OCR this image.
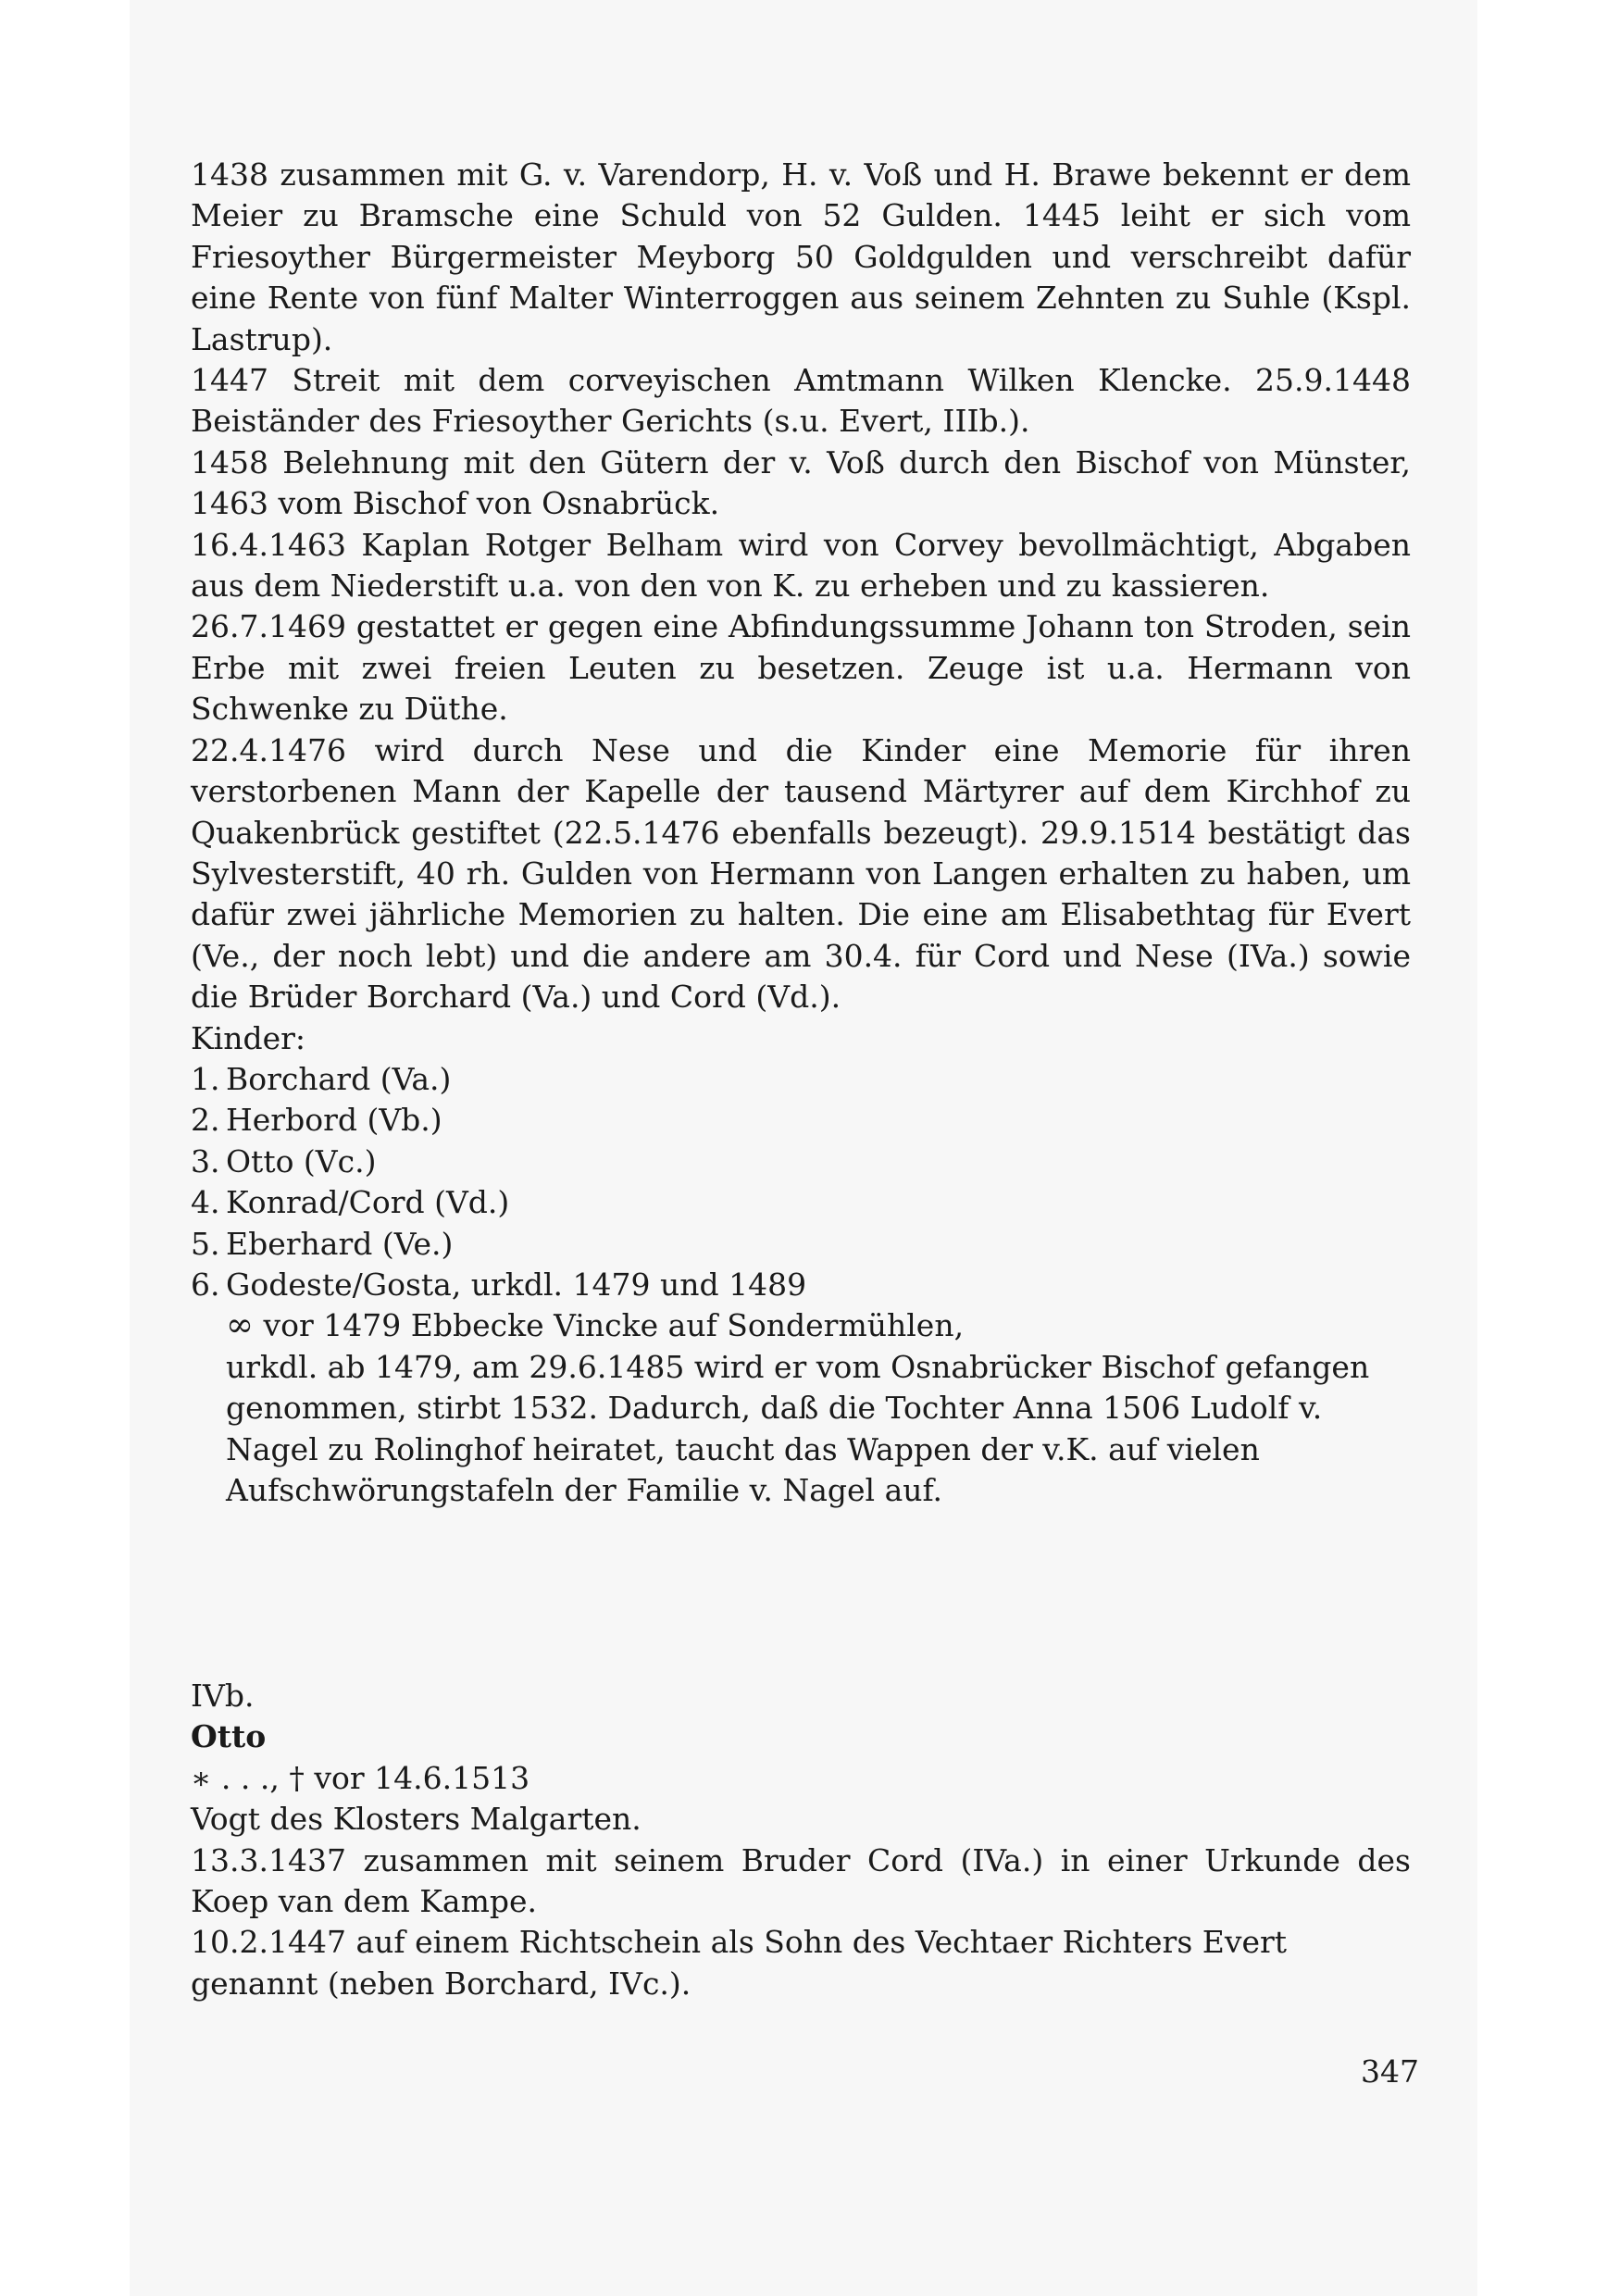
1438 zusammen mit G. v. Varendorp, H. v. Voß und H. Brawe bekennt er dem Meier zu Bramsche eine Schuld von 52 Gulden. 1445 leiht er sich vom Friesoyther Bürgermeister Meyborg 50 Goldgulden und verschreibt dafür eine Rente von fünf Malter Winterroggen aus seinem Zehnten zu Suhle (Kspl. Lastrup).

1447 Streit mit dem corveyischen Amtmann Wilken Klencke. 25.9.1448 Beiständer des Friesoyther Gerichts (s.u. Evert, IIIb.).

1458 Belehnung mit den Gütern der v. Voß durch den Bischof von Münster, 1463 vom Bischof von Osnabrück.

16.4.1463 Kaplan Rotger Belham wird von Corvey bevollmächtigt, Abgaben aus dem Niederstift u.a. von den von K. zu erheben und zu kassieren.

26.7.1469 gestattet er gegen eine Abfindungssumme Johann ton Stroden, sein Erbe mit zwei freien Leuten zu besetzen. Zeuge ist u.a. Hermann von Schwenke zu Düthe.

22.4.1476 wird durch Nese und die Kinder eine Memorie für ihren verstorbenen Mann der Kapelle der tausend Märtyrer auf dem Kirchhof zu Quakenbrück gestiftet (22.5.1476 ebenfalls bezeugt). 29.9.1514 bestätigt das Sylvesterstift, 40 rh. Gulden von Hermann von Langen erhalten zu haben, um dafür zwei jährliche Memorien zu halten. Die eine am Elisabethtag für Evert (Ve., der noch lebt) und die andere am 30.4. für Cord und Nese (IVa.) sowie die Brüder Borchard (Va.) und Cord (Vd.).

Kinder:

1. Borchard (Va.)
2. Herbord (Vb.)
3. Otto (Vc.)
4. Konrad/Cord (Vd.)
5. Eberhard (Ve.)
6. Godeste/Gosta, urkdl. 1479 und 1489

∞ vor 1479 Ebbecke Vincke auf Sondermühlen,

urkdl. ab 1479, am 29.6.1485 wird er vom Osnabrücker Bischof gefangen genommen, stirbt 1532. Dadurch, daß die Tochter Anna 1506 Ludolf v. Nagel zu Rolinghof heiratet, taucht das Wappen der v.K. auf vielen Aufschwörungstafeln der Familie v. Nagel auf.

IVb.

Otto

∗ . . ., † vor 14.6.1513

Vogt des Klosters Malgarten.

13.3.1437 zusammen mit seinem Bruder Cord (IVa.) in einer Urkunde des Koep van dem Kampe.

10.2.1447 auf einem Richtschein als Sohn des Vechtaer Richters Evert genannt (neben Borchard, IVc.).

347
